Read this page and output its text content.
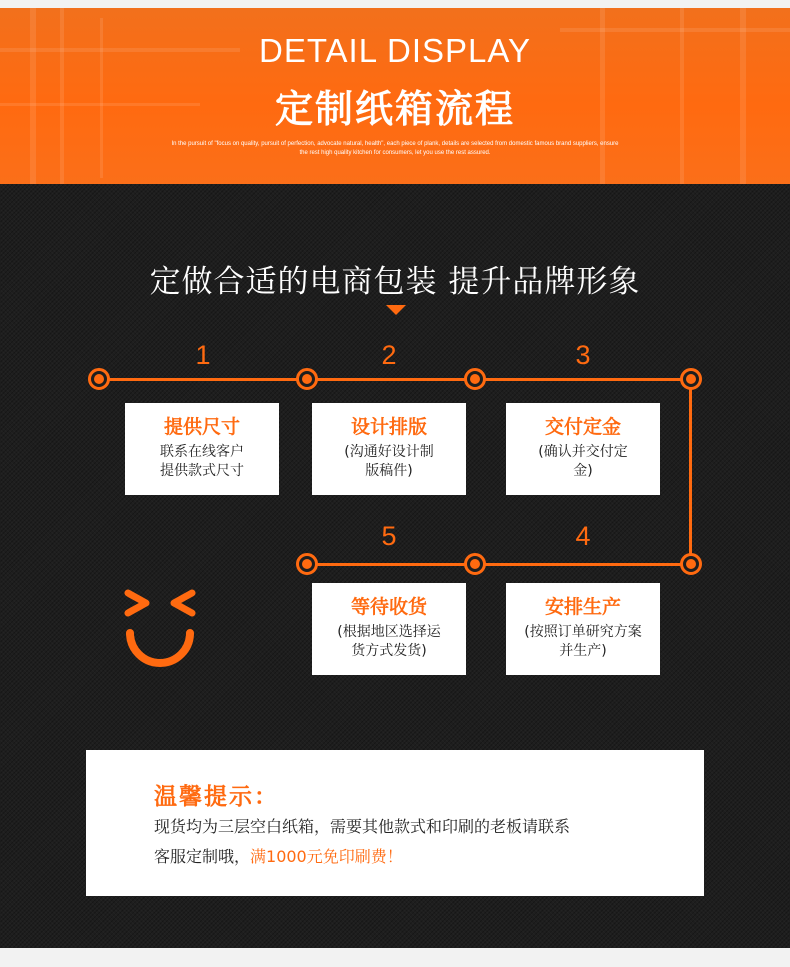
DETAIL DISPLAY
定制纸箱流程
In the pursuit of "focus on quality, pursuit of perfection, advocate natural, health", each piece of plank, details are selected from domestic famous brand suppliers, ensure
the rest high quality kitchen for consumers, let you use the rest assured.
定做合适的电商包装 提升品牌形象
1	2	3
4
5
提供尺寸
联系在线客户
提供款式尺寸
设计排版
(沟通好设计制
版稿件)
交付定金
(确认并交付定
金)
安排生产
(按照订单研究方案
并生产)
等待收货
(根据地区选择运
货方式发货)
温馨提示：
现货均为三层空白纸箱，需要其他款式和印刷的老板请联系
客服定制哦，满1000元免印刷费！
